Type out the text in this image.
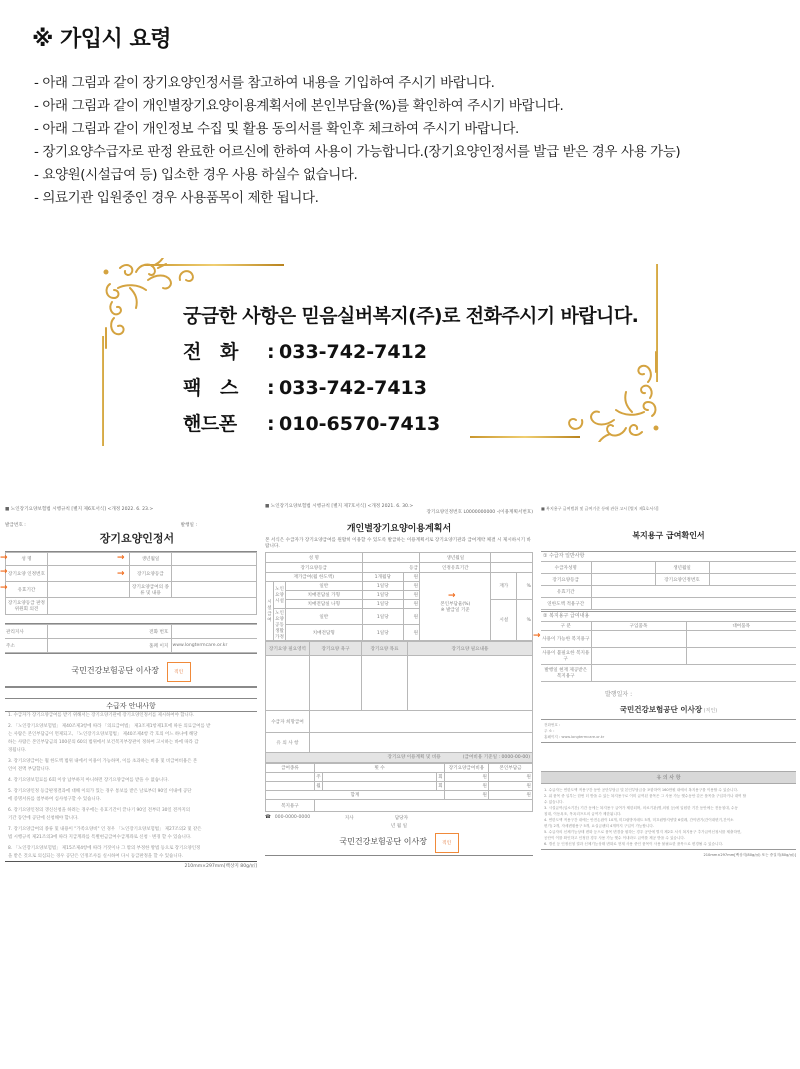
※ 가입시 요령
- 아래 그림과 같이 장기요양인정서를 참고하여 내용을 기입하여 주시기 바랍니다.
- 아래 그림과 같이 개인별장기요양이용계획서에 본인부담율(%)를 확인하여 주시기 바랍니다.
- 아래 그림과 같이 개인정보 수집 및 활용 동의서를 확인후 체크하여 주시기 바랍니다.
- 장기요양수급자로 판정 완료한 어르신에 한하여 사용이 가능합니다.(장기요양인정서를 발급 받은 경우 사용 가능)
- 요양원(시설급여 등) 입소한 경우 사용 하실수 없습니다.
- 의료기관 입원중인 경우 사용품목이 제한 됩니다.
궁금한 사항은 믿음실버복지(주)로 전화주시기 바랍니다.
전 화	: 033-742-7412
팩 스	: 033-742-7413
핸드폰	: 010-6570-7413
■ 노인장기요양보험법 시행규칙 [별지 제6호서식] <개정 2022. 6. 23.>
발급번호 :	발행일 :
장기요양인정서
→
→
→
→
→
성 명		생년월일	
장기요양 인정번호		장기요양등급	
유효기간		장기요양급여의 종류 및 내용	
장기요양등급 판정위원회 의견			
관리지사		전화 번호	
주소		홈페 이지	www.longtermcare.or.kr
국민건강보험공단 이사장	직인
수급자 안내사항
1. 수급자가 장기요양급여를 받기 위해서는 장기요양기관에 장기요양인정서를 제시하여야 합니다.
2. 「노인장기요양보험법」 제40조제3항에 따라 「의료급여법」 제3조제1항제1호에 따른 의료급여를 받
는 사람은 본인부담금이 면제되고, 「노인장기요양보험법」 제40조제4항 각 호의 어느 하나에 해당
하는 사람은 본인부담금의 100분의 60의 범위에서 보건복지부장관이 정하여 고시하는 바에 따라 감
경됩니다.
3. 장기요양급여는 월 한도액 범위 내에서 이용이 가능하며, 이를 초과하는 비용 및 비급여비용은 본
인이 전액 부담합니다.
4. 장기요양보험료를 6회 이상 납부하지 아니하면 장기요양급여를 받을 수 없습니다.
5. 장기요양인정 등급판정결과에 대해 이의가 있는 경우 통보를 받은 날로부터 90일 이내에 공단
에 증명서류를 첨부하여 심사청구할 수 있습니다.
6. 장기요양인정의 갱신신청을 하려는 경우에는 유효기간이 끝나기 90일 전부터 30일 전까지의
기간 동안에 공단에 신청해야 합니다.
7. 장기요양급여의 종류 및 내용이 "가족요양비" 인 경우 「노인장기요양보험법」 제27조의2 및 같은
법 시행규칙 제21조의3에 따라 지급계좌를 특별현금급여수급계좌로 신청ㆍ변경 할 수 있습니다.
8. 「노인장기요양보험법」 제15조제4항에 따라 거짓이나 그 밖의 부정한 방법 등으로 장기요양인정
을 받은 것으로 의심되는 경우 공단은 인정조사를 실시하여 다시 등급판정을 할 수 있습니다.
210mm×297mm[백상지 80g/㎡]
■ 노인장기요양보험법 시행규칙 [별지 제7호서식] <개정 2021. 6. 30.>
장기요양인정번호 L0000000000 -(이용계획서번호)
개인별장기요양이용계획서
본 서식은 수급자가 장기요양급여를 원활히 이용할 수 있도록 발급하는 이용계획서로 장기요양기관과 급여계약 체결 시 제시하시기 바랍니다.
→
성 명					생년월일		
장기요양등급			등급		인정유효기간		
재가급여(월 한도액)			1개월당	원	본인부담율(%)
※ 발급일 기준	재가	%
시설급여	노인요양시설	일반	1일당	원			
		치매전담실 가형	1일당	원			
		치매전담실 나형	1일당	원		시설	%
	노인요양공동생활가정	일반	1일당	원			
		치매전담형	1일당	원			
장기요양 필요영역	장기요양 욕구	장기요양 목표	장기요양 필요내용

수급자 희망급여			
유 의 사 항			
장기요양 이용계획 및 비용	(급여비용 기준일 : 0000-00-00)
급여종류	횟 수			장기요양급여비용	본인부담금
	주		회	원	원
	월		회	원	원
합계				원	원
복지용구					
☎ 000-0000-0000	지사	담당자
년 월 일
국민건강보험공단 이사장	직인
■ 복지용구 급여범위 및 급여기준 등에 관한 고시 [별지 제1호서식]
복지용구 급여확인서
① 수급자 일반사항
수급자성명		생년월일	
장기요양등급		장기요양인정번호	
유효기간			
연한도액 적용구간			
② 복지용구 급여내용
→
구 분	구입품목	대여품목
사용이 가능한 복지용구		
사용이 불필요한 복지용구		
발행일 현재 제공받은 복지용구		
발행일자 :
국민건강보험공단 이사장 (직인)
전화번호 :
주 소 :
홈페이지 : www.longtermcare.or.kr
유 의 사 항
1. 수급자는 연한도액 적용구간 동안 공단부담금 및 본인부담금을 포함하여 160만원 내에서 복지용구를 이용할 수 있습니다.
2. 위 품목 중 일부는 한번 더 받을 수 있는 복지용구로 이미 급여된 품목은 그 사용 가능 햇수동안 같은 품목을 구입하거나 대여 할
수 없습니다.
3. 시설급여(입소기간) 기간 동에는 복지용구 급여가 제한되며, 의료기관(병,의원 등)에 입원한 기간 동안에는 전동침대, 수동
침대, 이동욕조, 목욕리프트의 급여가 제한됩니다.
4. 연한도액 적용구간 내에는 안전손잡이 10개, 미끄럼방지매트 5개, 미끄럼방지양말 6켤레, 간이변기(간이대변기,간이소
변기) 2개, 자세변환용구 5개, 요실금팬티 4개까지 구입이 가능합니다.
5. 수급자의 신체기능상태 변화 등으로 품목 변경을 원하는 경우 공단에 별지 제2호 서식 복지용구 추가급여신청서를 제출하면,
공단이 이를 확인하고 인정한 경우 사용 가능 햇수 이내라도 급여를 제공 받을 수 있습니다.
6. 갱신 등 인정신청 결과 신체기능상태 변화로 현재 사용 중인 품목이 사용 불필요한 품목으로 변경될 수 있습니다.
210mm×297mm[백상지(80g/㎡) 또는 중질지(80g/㎡)]
